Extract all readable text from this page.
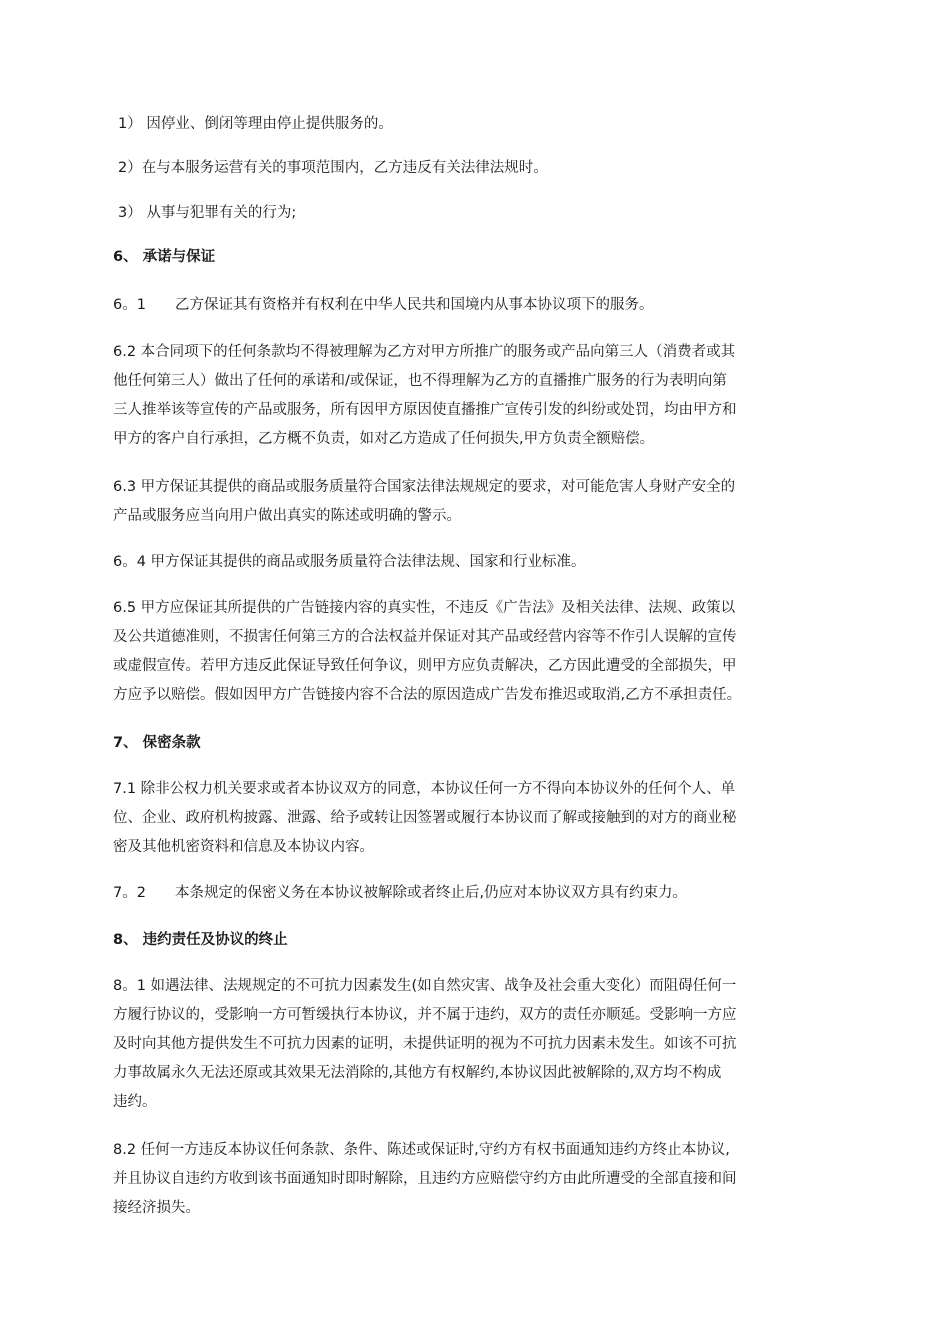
1） 因停业、倒闭等理由停止提供服务的。
2）在与本服务运营有关的事项范围内，乙方违反有关法律法规时。
3） 从事与犯罪有关的行为;
6、 承诺与保证
6。1　　乙方保证其有资格并有权利在中华人民共和国境内从事本协议项下的服务。
6.2 本合同项下的任何条款均不得被理解为乙方对甲方所推广的服务或产品向第三人（消费者或其
他任何第三人）做出了任何的承诺和/或保证，也不得理解为乙方的直播推广服务的行为表明向第
三人推举该等宣传的产品或服务，所有因甲方原因使直播推广宣传引发的纠纷或处罚，均由甲方和
甲方的客户自行承担，乙方概不负责，如对乙方造成了任何损失,甲方负责全额赔偿。
6.3 甲方保证其提供的商品或服务质量符合国家法律法规规定的要求，对可能危害人身财产安全的
产品或服务应当向用户做出真实的陈述或明确的警示。
6。4 甲方保证其提供的商品或服务质量符合法律法规、国家和行业标准。
6.5 甲方应保证其所提供的广告链接内容的真实性，不违反《广告法》及相关法律、法规、政策以
及公共道德准则，不损害任何第三方的合法权益并保证对其产品或经营内容等不作引人误解的宣传
或虚假宣传。若甲方违反此保证导致任何争议，则甲方应负责解决，乙方因此遭受的全部损失，甲
方应予以赔偿。假如因甲方广告链接内容不合法的原因造成广告发布推迟或取消,乙方不承担责任。
7、 保密条款
7.1 除非公权力机关要求或者本协议双方的同意，本协议任何一方不得向本协议外的任何个人、单
位、企业、政府机构披露、泄露、给予或转让因签署或履行本协议而了解或接触到的对方的商业秘
密及其他机密资料和信息及本协议内容。
7。2　　本条规定的保密义务在本协议被解除或者终止后,仍应对本协议双方具有约束力。
8、 违约责任及协议的终止
8。1 如遇法律、法规规定的不可抗力因素发生(如自然灾害、战争及社会重大变化）而阻碍任何一
方履行协议的，受影响一方可暂缓执行本协议，并不属于违约，双方的责任亦顺延。受影响一方应
及时向其他方提供发生不可抗力因素的证明，未提供证明的视为不可抗力因素未发生。如该不可抗
力事故属永久无法还原或其效果无法消除的,其他方有权解约,本协议因此被解除的,双方均不构成
违约。
8.2 任何一方违反本协议任何条款、条件、陈述或保证时,守约方有权书面通知违约方终止本协议,
并且协议自违约方收到该书面通知时即时解除，且违约方应赔偿守约方由此所遭受的全部直接和间
接经济损失。
